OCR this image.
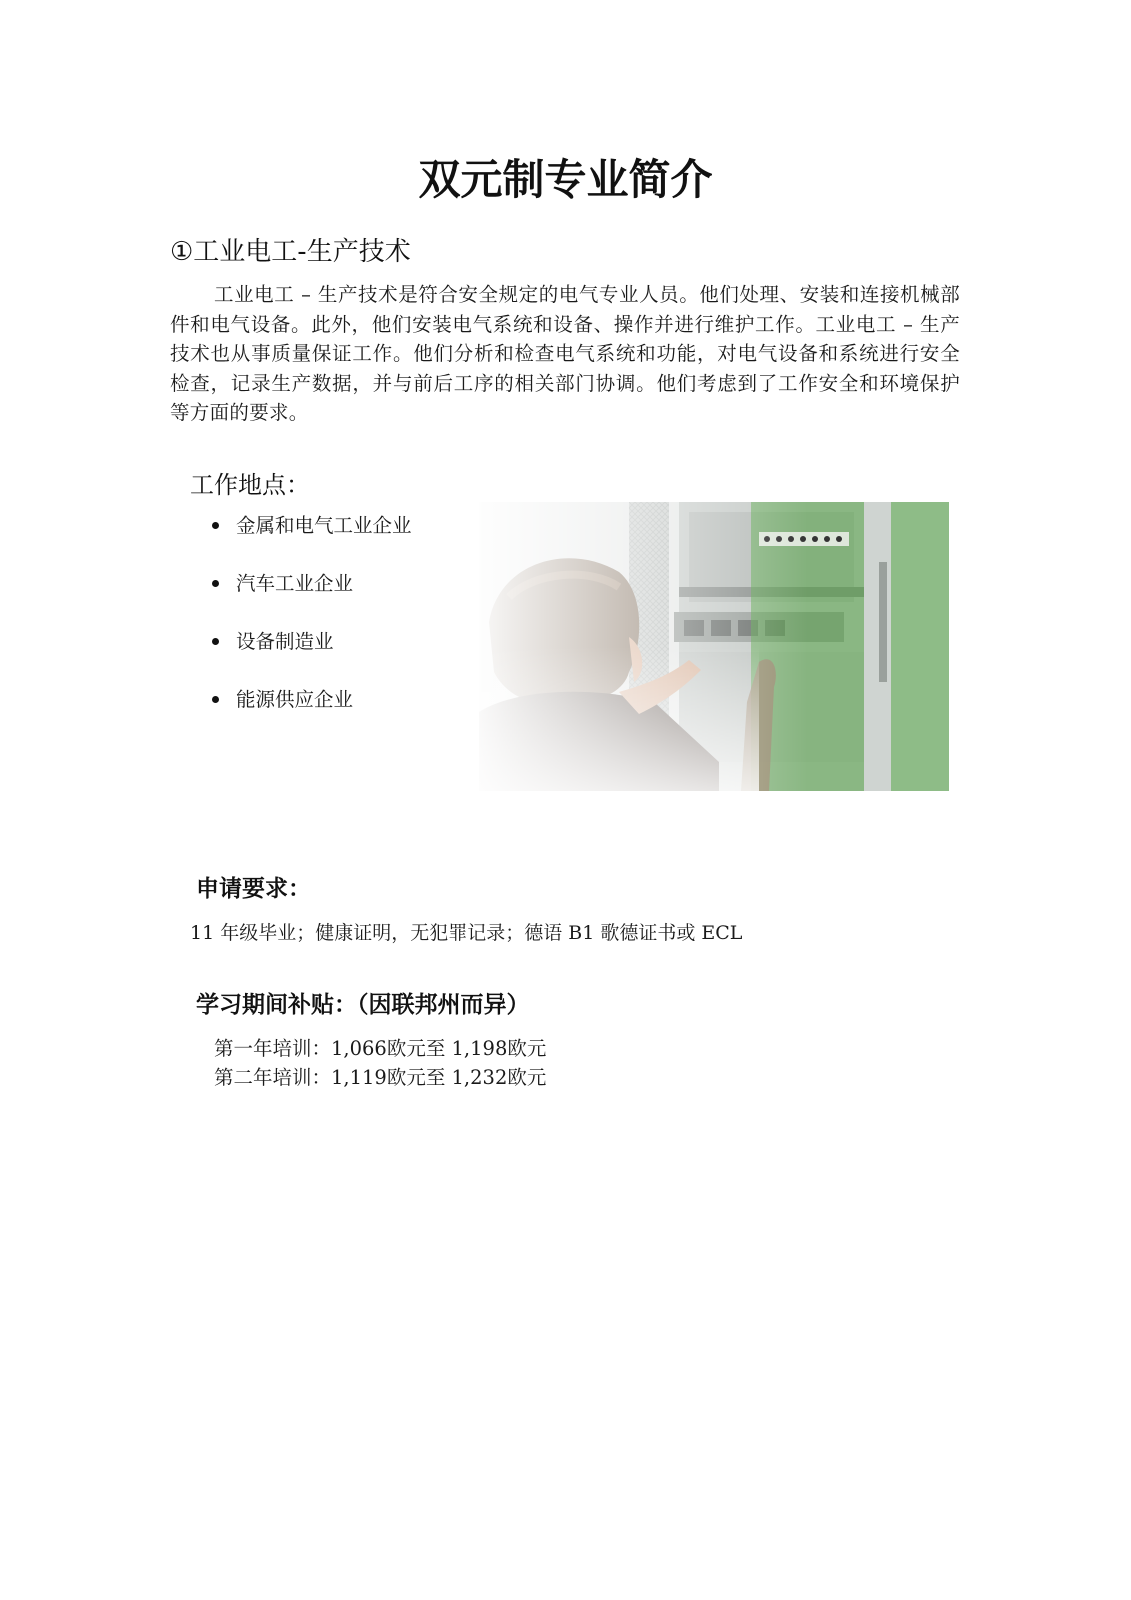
双元制专业简介
①工业电工-生产技术

工业电工 – 生产技术是符合安全规定的电气专业人员。他们处理、安装和连接机械部件和电气设备。此外，他们安装电气系统和设备、操作并进行维护工作。工业电工 – 生产技术也从事质量保证工作。他们分析和检查电气系统和功能，对电气设备和系统进行安全检查，记录生产数据，并与前后工序的相关部门协调。他们考虑到了工作安全和环境保护等方面的要求。

工作地点：
金属和电气工业企业
汽车工业企业
设备制造业
能源供应企业
申请要求：

11 年级毕业；健康证明，无犯罪记录；德语 B1 歌德证书或 ECL

学习期间补贴：（因联邦州而异）
第一年培训：1,066欧元至 1,198欧元
第二年培训：1,119欧元至 1,232欧元
